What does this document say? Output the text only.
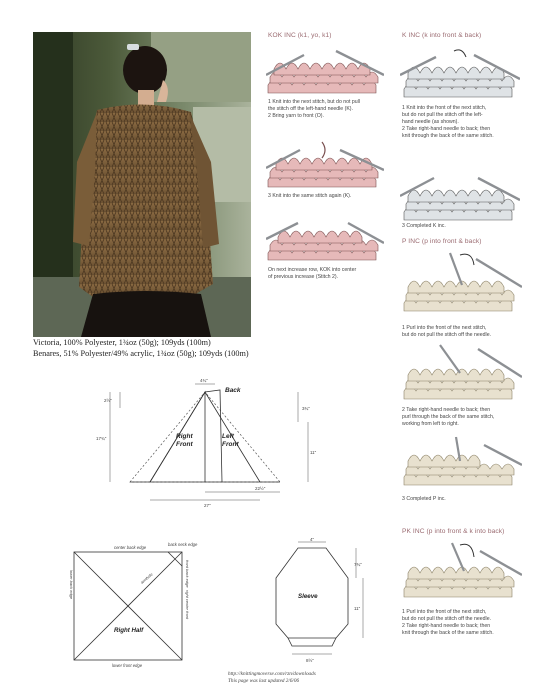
Victoria, 100% Polyester, 1¾oz (50g); 109yds (100m)
Benares, 51% Polyester/49% acrylic, 1¾oz (50g); 109yds (100m)
KOK INC (k1, yo, k1)
1 Knit into the next stitch, but do not pull
the stitch off the left-hand needle (K).
2 Bring yarn to front (O).
3 Knit into the same stitch again (K).
On next increase row, KOK into center
of previous increase (Stitch 2).
K INC (k into front & back)
1 Knit into the front of the next stitch,
but do not pull the stitch off the left-
hand needle (as shown).
2 Take right-hand needle to back; then
knit through the back of the same stitch.
3 Completed K inc.
P INC (p into front & back)
1 Purl into the front of the next stitch,
but do not pull the stitch off the needle.
2 Take right-hand needle to back; then
purl through the back of the same stitch,
working from left to right.
3 Completed P inc.
PK INC (p into front & k into back)
1 Purl into the front of the next stitch,
but do not pull the stitch off the needle.
2 Take right-hand needle to back; then
knit through the back of the same stitch.
Back
Right
Front
Left
Front
4¾"
2½"
17¾"
3¾"
11"
22½"
27"
center back edge
back neck edge
front back edge
right center front
armhole
lower back edge
lower front edge
Right Half
Sleeve
4"
7¾"
11"
8½"
http://knittingmoverse.com/rzn/downloads
This page was last updated 2/6/06
